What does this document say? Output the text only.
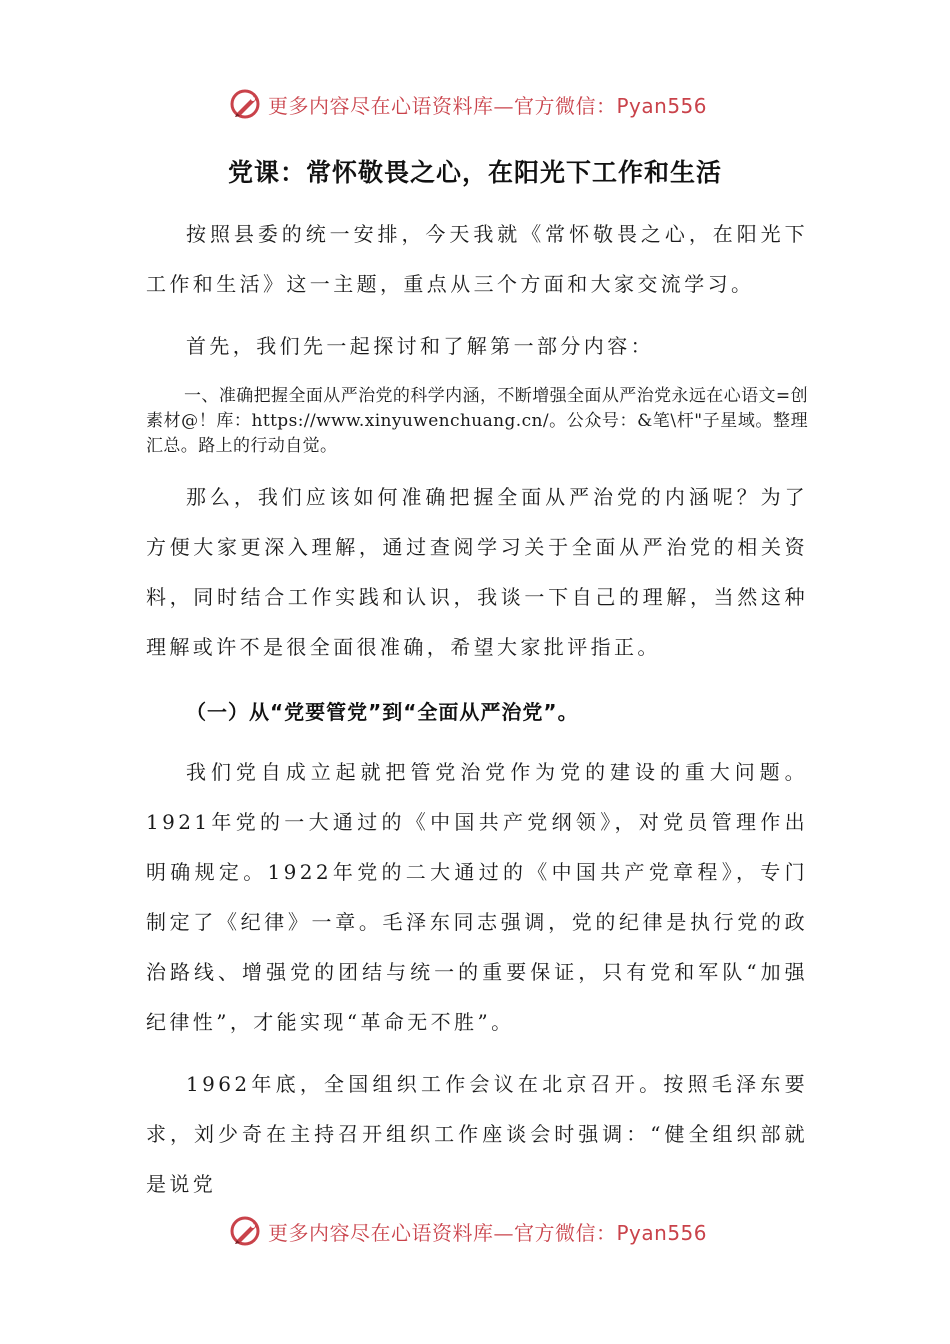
更多内容尽在心语资料库—官方微信：Pyan556
党课：常怀敬畏之心，在阳光下工作和生活

按照县委的统一安排，今天我就《常怀敬畏之心，在阳光下工作和生活》这一主题，重点从三个方面和大家交流学习。

首先，我们先一起探讨和了解第一部分内容：

一、准确把握全面从严治党的科学内涵，不断增强全面从严治党永远在心语文=创素材@！库：https://www.xinyuwenchuang.cn/。公众号：&笔\杆"子星域。整理汇总。路上的行动自觉。

那么，我们应该如何准确把握全面从严治党的内涵呢？为了方便大家更深入理解，通过查阅学习关于全面从严治党的相关资料，同时结合工作实践和认识，我谈一下自己的理解，当然这种理解或许不是很全面很准确，希望大家批评指正。

（一）从“党要管党”到“全面从严治党”。

我们党自成立起就把管党治党作为党的建设的重大问题。1921年党的一大通过的《中国共产党纲领》，对党员管理作出明确规定。1922年党的二大通过的《中国共产党章程》，专门制定了《纪律》一章。毛泽东同志强调，党的纪律是执行党的政治路线、增强党的团结与统一的重要保证，只有党和军队“加强纪律性”，才能实现“革命无不胜”。

1962年底，全国组织工作会议在北京召开。按照毛泽东要求，刘少奇在主持召开组织工作座谈会时强调：“健全组织部就是说党

更多内容尽在心语资料库—官方微信：Pyan556
